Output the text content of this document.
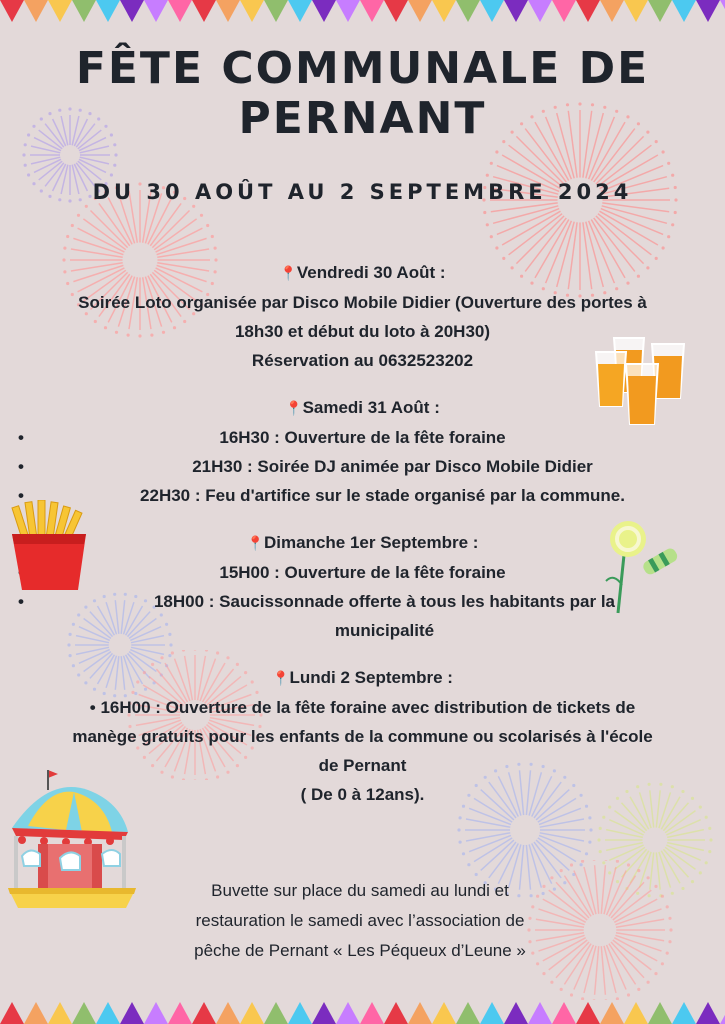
FÊTE COMMUNALE DE
PERNANT
DU 30 AOÛT AU 2 SEPTEMBRE 2024
📍Vendredi 30 Août :
Soirée Loto organisée par Disco Mobile Didier (Ouverture des portes à
18h30 et début du loto à 20H30)
Réservation au 0632523202
📍Samedi 31 Août :
• 16H30 : Ouverture de la fête foraine
• 21H30 : Soirée DJ animée par Disco Mobile Didier
• 22H30 : Feu d'artifice sur le stade organisé par la commune.
📍Dimanche 1er Septembre :
• 15H00 : Ouverture de la fête foraine
• 18H00 : Saucissonnade offerte à tous les habitants par la
municipalité
📍Lundi 2 Septembre :
• 16H00 : Ouverture de la fête foraine avec distribution de tickets de
manège gratuits pour les enfants de la commune ou scolarisés à l'école
de Pernant
( De 0 à 12ans).
Buvette sur place du samedi au lundi et
restauration le samedi avec l’association de
pêche de Pernant « Les Péqueux d’Leune »
